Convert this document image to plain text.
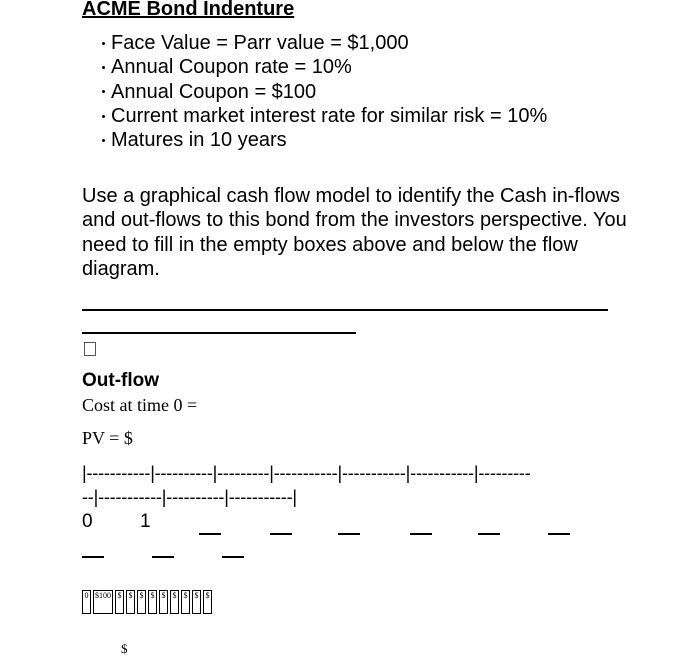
ACME Bond Indenture
Face Value = Parr value = $1,000
Annual Coupon rate = 10%
Annual Coupon = $100
Current market interest rate for similar risk = 10%
Matures in 10 years
Use a graphical cash flow model to identify the Cash in-flows and out-flows to this bond from the investors perspective. You need to fill in the empty boxes above and below the flow diagram.
Out-flow
Cost at time 0 =
PV = $
|-----------|----------|---------|-----------|-----------|-----------|---------
--|-----------|----------|-----------|
0 1
0 $100 $ $ $ $ $ $ $ $ $
$
